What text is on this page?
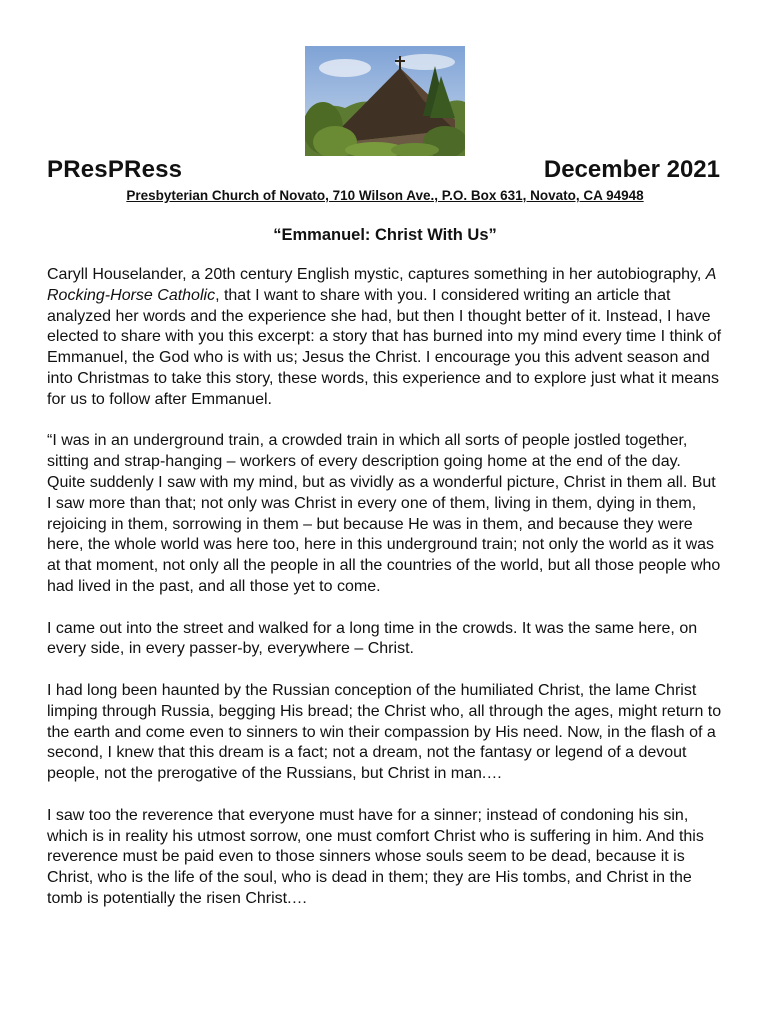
PResPRess	December 2021
Presbyterian Church of Novato, 710 Wilson Ave., P.O. Box 631, Novato, CA 94948
“Emmanuel: Christ With Us”

Caryll Houselander, a 20th century English mystic, captures something in her autobiography, A Rocking-Horse Catholic, that I want to share with you. I considered writing an article that analyzed her words and the experience she had, but then I thought better of it. Instead, I have elected to share with you this excerpt: a story that has burned into my mind every time I think of Emmanuel, the God who is with us; Jesus the Christ. I encourage you this advent season and into Christmas to take this story, these words, this experience and to explore just what it means for us to follow after Emmanuel.

“I was in an underground train, a crowded train in which all sorts of people jostled together, sitting and strap-hanging – workers of every description going home at the end of the day. Quite suddenly I saw with my mind, but as vividly as a wonderful picture, Christ in them all. But I saw more than that; not only was Christ in every one of them, living in them, dying in them, rejoicing in them, sorrowing in them – but because He was in them, and because they were here, the whole world was here too, here in this underground train; not only the world as it was at that moment, not only all the people in all the countries of the world, but all those people who had lived in the past, and all those yet to come.

I came out into the street and walked for a long time in the crowds. It was the same here, on every side, in every passer-by, everywhere – Christ.

I had long been haunted by the Russian conception of the humiliated Christ, the lame Christ limping through Russia, begging His bread; the Christ who, all through the ages, might return to the earth and come even to sinners to win their compassion by His need. Now, in the flash of a second, I knew that this dream is a fact; not a dream, not the fantasy or legend of a devout people, not the prerogative of the Russians, but Christ in man.…

I saw too the reverence that everyone must have for a sinner; instead of condoning his sin, which is in reality his utmost sorrow, one must comfort Christ who is suffering in him. And this reverence must be paid even to those sinners whose souls seem to be dead, because it is Christ, who is the life of the soul, who is dead in them; they are His tombs, and Christ in the tomb is potentially the risen Christ.…
